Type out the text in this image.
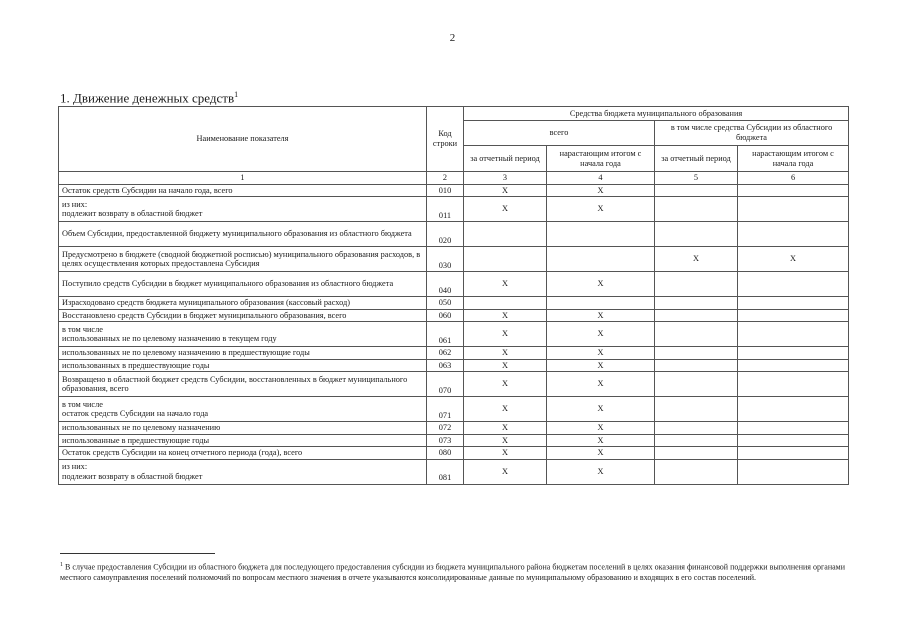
2
1. Движение денежных средств$^1$
Наименование показателя	Код строки	Средства бюджета муниципального образования			
		всего		в том числе средства Субсидии из областного бюджета	
		за отчетный период	нарастающим итогом с начала года	за отчетный период	нарастающим итогом с начала года
1	2	3	4	5	6
Остаток средств Субсидии на начало года, всего	010	X	X		

из них:
подлежит возврату в областной бюджет	011	X	X		
Объем Субсидии, предоставленной бюджету муниципального образования из областного бюджета	020				
Предусмотрено в бюджете (сводной бюджетной росписью) муниципального образования расходов, в целях осуществления которых предоставлена Субсидия	030			X	X
Поступило средств Субсидии в бюджет муниципального образования из областного бюджета	040	X	X		
Израсходовано средств бюджета муниципального образования (кассовый расход)	050				
Восстановлено средств Субсидии в бюджет муниципального образования, всего	060	X	X		

в том числе
использованных не по целевому назначению в текущем году	061	X	X		
использованных не по целевому назначению в предшествующие годы	062	X	X		
использованных в предшествующие годы	063	X	X		
Возвращено в областной бюджет средств Субсидии, восстановленных в бюджет муниципального образования, всего	070	X	X		

в том числе
остаток средств Субсидии на начало года	071	X	X		
использованных не по целевому назначению	072	X	X		
использованные в предшествующие годы	073	X	X		
Остаток средств Субсидии на конец отчетного периода (года), всего	080	X	X		

из них:
подлежит возврату в областной бюджет	081	X	X		
$^1$ В случае предоставления Субсидии из областного бюджета для последующего предоставления субсидии из бюджета муниципального района бюджетам поселений в целях оказания финансовой поддержки выполнения органами местного самоуправления поселений полномочий по вопросам местного значения в отчете указываются консолидированные данные по муниципальному образованию и входящих в его состав поселений.
